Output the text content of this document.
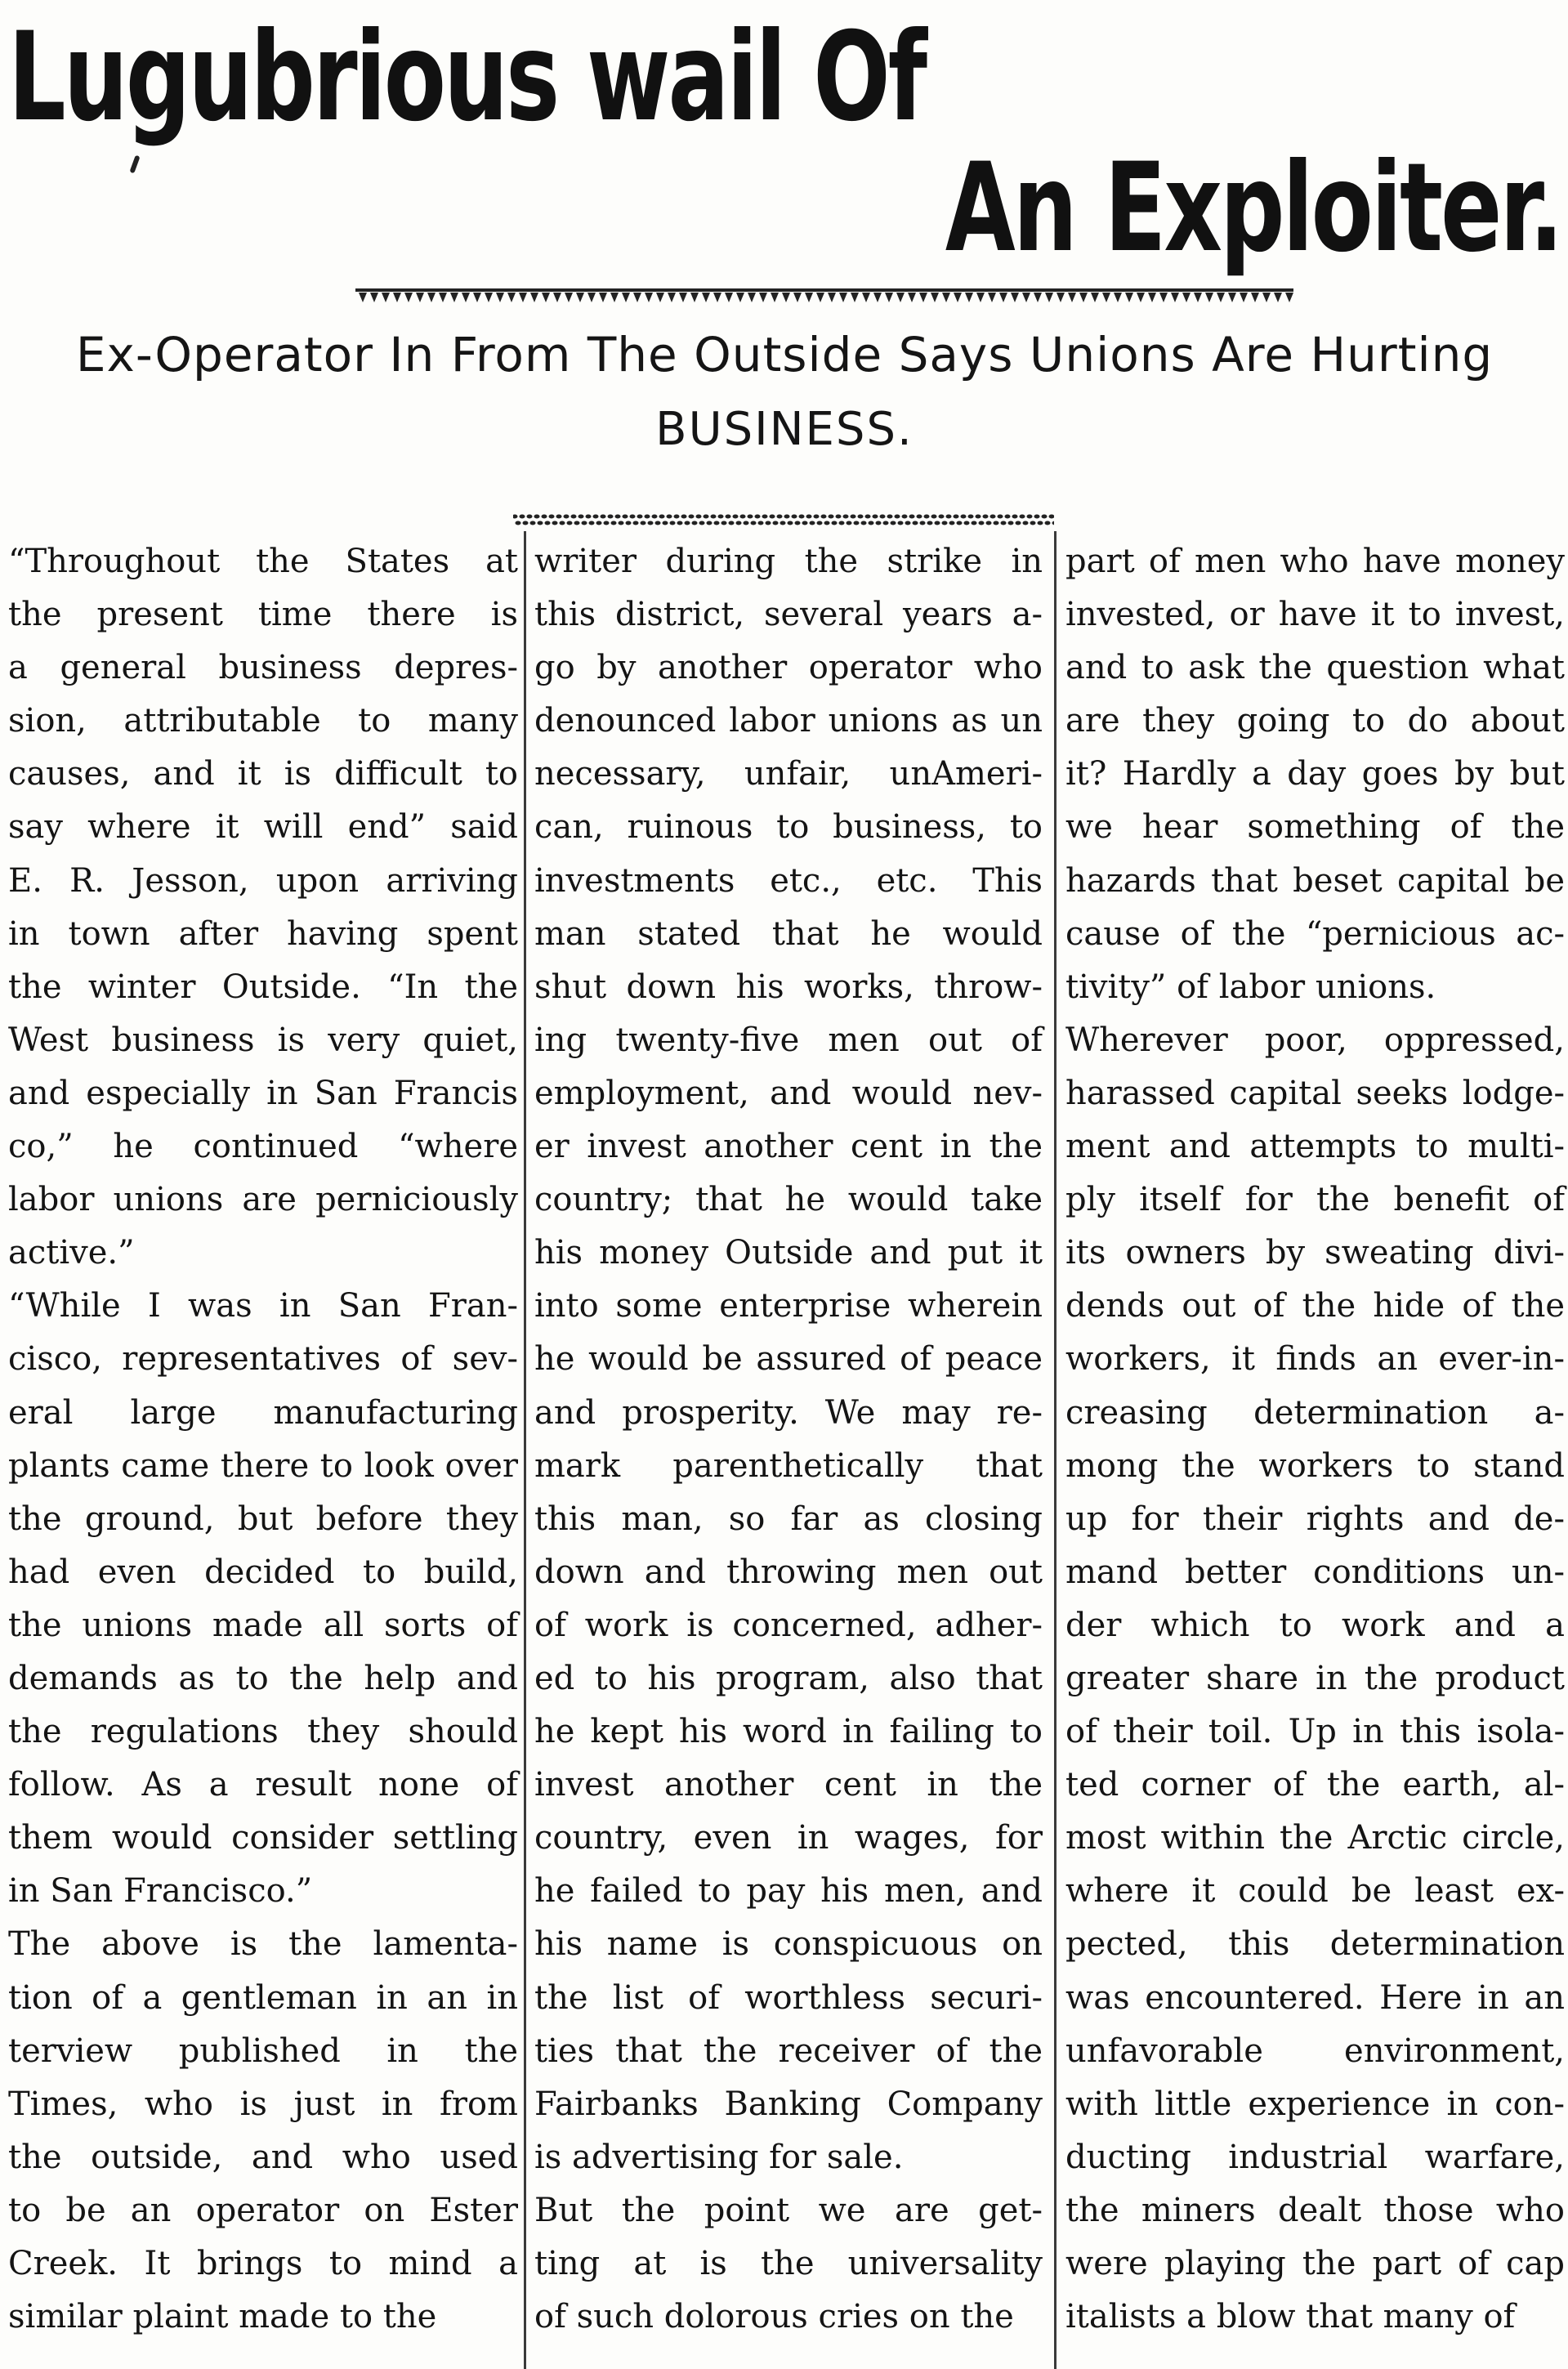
Lugubrious wail Of
An Exploiter.
Ex-Operator In From The Outside Says Unions Are Hurting
BUSINESS.

“Throughout the States at

the present time there is

a general business depres-

sion, attributable to many

causes, and it is difficult to

say where it will end” said

E. R. Jesson, upon arriving

in town after having spent

the winter Outside. “In the

West business is very quiet,

and especially in San Francis

co,” he continued “where

labor unions are perniciously

active.”

“While I was in San Fran-

cisco, representatives of sev-

eral large manufacturing

plants came there to look over

the ground, but before they

had even decided to build,

the unions made all sorts of

demands as to the help and

the regulations they should

follow. As a result none of

them would consider settling

in San Francisco.”

The above is the lamenta-

tion of a gentleman in an in

terview published in the

Times, who is just in from

the outside, and who used

to be an operator on Ester

Creek. It brings to mind a

similar plaint made to the

writer during the strike in

this district, several years a-

go by another operator who

denounced labor unions as un

necessary, unfair, unAmeri-

can, ruinous to business, to

investments etc., etc. This

man stated that he would

shut down his works, throw-

ing twenty-five men out of

employment, and would nev-

er invest another cent in the

country; that he would take

his money Outside and put it

into some enterprise wherein

he would be assured of peace

and prosperity. We may re-

mark parenthetically that

this man, so far as closing

down and throwing men out

of work is concerned, adher-

ed to his program, also that

he kept his word in failing to

invest another cent in the

country, even in wages, for

he failed to pay his men, and

his name is conspicuous on

the list of worthless securi-

ties that the receiver of the

Fairbanks Banking Company

is advertising for sale.

But the point we are get-

ting at is the universality

of such dolorous cries on the

part of men who have money

invested, or have it to invest,

and to ask the question what

are they going to do about

it? Hardly a day goes by but

we hear something of the

hazards that beset capital be

cause of the “pernicious ac-

tivity” of labor unions.

Wherever poor, oppressed,

harassed capital seeks lodge-

ment and attempts to multi-

ply itself for the benefit of

its owners by sweating divi-

dends out of the hide of the

workers, it finds an ever-in-

creasing determination a-

mong the workers to stand

up for their rights and de-

mand better conditions un-

der which to work and a

greater share in the product

of their toil. Up in this isola-

ted corner of the earth, al-

most within the Arctic circle,

where it could be least ex-

pected, this determination

was encountered. Here in an

unfavorable environment,

with little experience in con-

ducting industrial warfare,

the miners dealt those who

were playing the part of cap

italists a blow that many of
